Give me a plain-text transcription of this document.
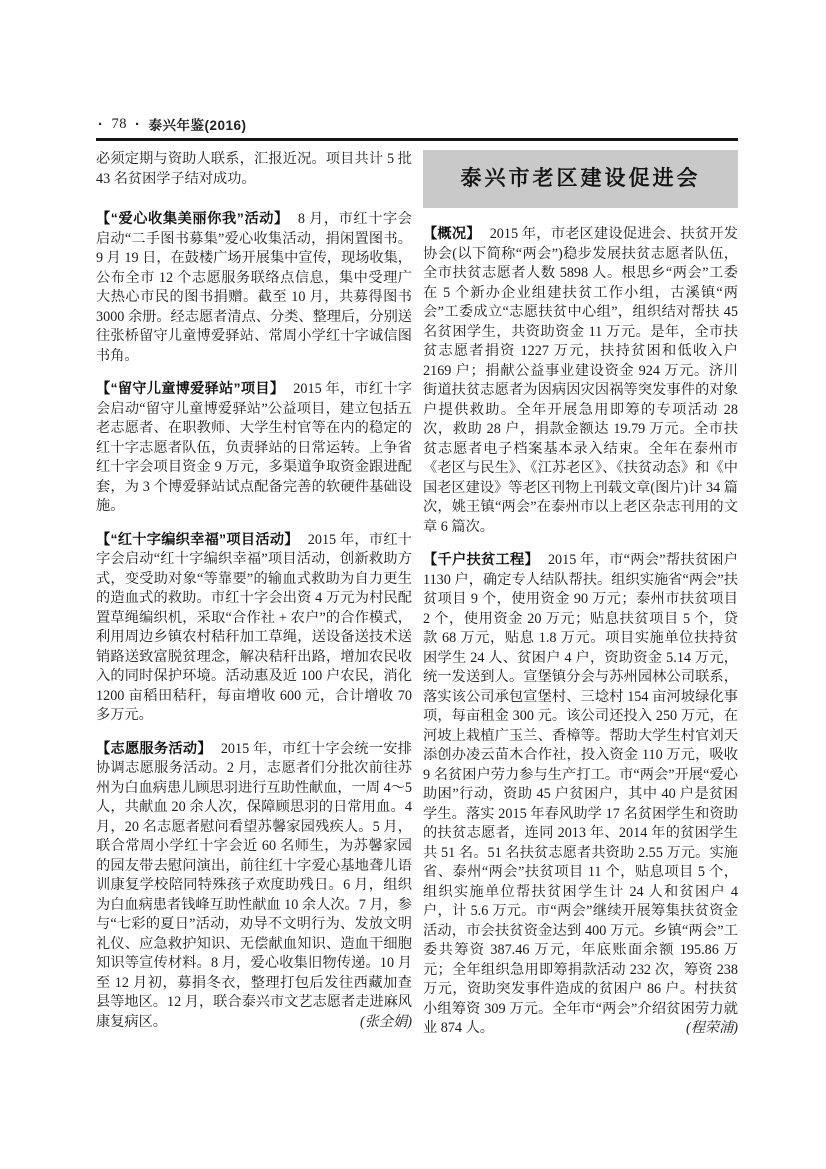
· 78 · 泰兴年鉴(2016)

必须定期与资助人联系，汇报近况。项目共计 5 批 43 名贫困学子结对成功。

【“爱心收集美丽你我”活动】 8 月，市红十字会启动“二手图书募集”爱心收集活动，捐闲置图书。9 月 19 日，在鼓楼广场开展集中宣传，现场收集，公布全市 12 个志愿服务联络点信息，集中受理广大热心市民的图书捐赠。截至 10 月，共募得图书 3000 余册。经志愿者清点、分类、整理后，分别送往张桥留守儿童博爱驿站、常周小学红十字诚信图书角。

【“留守儿童博爱驿站”项目】 2015 年，市红十字会启动“留守儿童博爱驿站”公益项目，建立包括五老志愿者、在职教师、大学生村官等在内的稳定的红十字志愿者队伍，负责驿站的日常运转。上争省红十字会项目资金 9 万元，多渠道争取资金跟进配套，为 3 个博爱驿站试点配备完善的软硬件基础设施。

【“红十字编织幸福”项目活动】 2015 年，市红十字会启动“红十字编织幸福”项目活动，创新救助方式，变受助对象“等靠要”的输血式救助为自力更生的造血式的救助。市红十字会出资 4 万元为村民配置草绳编织机，采取“合作社 + 农户”的合作模式，利用周边乡镇农村秸秆加工草绳，送设备送技术送销路送致富脱贫理念，解决秸秆出路，增加农民收入的同时保护环境。活动惠及近 100 户农民，消化 1200 亩稻田秸秆，每亩增收 600 元，合计增收 70 多万元。

【志愿服务活动】 2015 年，市红十字会统一安排协调志愿服务活动。2 月，志愿者们分批次前往苏州为白血病患儿顾思羽进行互助性献血，一周 4～5 人，共献血 20 余人次，保障顾思羽的日常用血。4 月，20 名志愿者慰问看望苏馨家园残疾人。5 月，联合常周小学红十字会近 60 名师生，为苏馨家园的园友带去慰问演出，前往红十字爱心基地聋儿语训康复学校陪同特殊孩子欢度助残日。6 月，组织为白血病患者钱峰互助性献血 10 余人次。7 月，参与“七彩的夏日”活动，劝导不文明行为、发放文明礼仪、应急救护知识、无偿献血知识、造血干细胞知识等宣传材料。8 月，爱心收集旧物传递。10 月至 12 月初，募捐冬衣，整理打包后发往西藏加查县等地区。12 月，联合泰兴市文艺志愿者走进麻风康复病区。	(张全娟)

泰兴市老区建设促进会

【概况】 2015 年，市老区建设促进会、扶贫开发协会(以下简称“两会”)稳步发展扶贫志愿者队伍，全市扶贫志愿者人数 5898 人。根思乡“两会”工委在 5 个新办企业组建扶贫工作小组，古溪镇“两会”工委成立“志愿扶贫中心组”，组织结对帮扶 45 名贫困学生，共资助资金 11 万元。是年，全市扶贫志愿者捐资 1227 万元，扶持贫困和低收入户 2169 户；捐献公益事业建设资金 924 万元。济川街道扶贫志愿者为因病因灾因祸等突发事件的对象户提供救助。全年开展急用即筹的专项活动 28 次，救助 28 户，捐款金额达 19.79 万元。全市扶贫志愿者电子档案基本录入结束。全年在泰州市《老区与民生》、《江苏老区》、《扶贫动态》和《中国老区建设》等老区刊物上刊载文章(图片)计 34 篇次，姚王镇“两会”在泰州市以上老区杂志刊用的文章 6 篇次。

【千户扶贫工程】 2015 年，市“两会”帮扶贫困户 1130 户，确定专人结队帮扶。组织实施省“两会”扶贫项目 9 个，使用资金 90 万元；泰州市扶贫项目 2 个，使用资金 20 万元；贴息扶贫项目 5 个，贷款 68 万元，贴息 1.8 万元。项目实施单位扶持贫困学生 24 人、贫困户 4 户，资助资金 5.14 万元，统一发送到人。宣堡镇分会与苏州园林公司联系，落实该公司承包宣堡村、三埝村 154 亩河坡绿化事项，每亩租金 300 元。该公司还投入 250 万元，在河坡上栽植广玉兰、香樟等。帮助大学生村官刘天添创办凌云苗木合作社，投入资金 110 万元，吸收 9 名贫困户劳力参与生产打工。市“两会”开展“爱心助困”行动，资助 45 户贫困户，其中 40 户是贫困学生。落实 2015 年春风助学 17 名贫困学生和资助的扶贫志愿者，连同 2013 年、2014 年的贫困学生共 51 名。51 名扶贫志愿者共资助 2.55 万元。实施省、泰州“两会”扶贫项目 11 个，贴息项目 5 个，组织实施单位帮扶贫困学生计 24 人和贫困户 4 户，计 5.6 万元。市“两会”继续开展筹集扶贫资金活动，市会扶贫资金达到 400 万元。乡镇“两会”工委共筹资 387.46 万元，年底账面余额 195.86 万元；全年组织急用即筹捐款活动 232 次，筹资 238 万元，资助突发事件造成的贫困户 86 户。村扶贫小组筹资 309 万元。全年市“两会”介绍贫困劳力就业 874 人。	(程荣浦)
